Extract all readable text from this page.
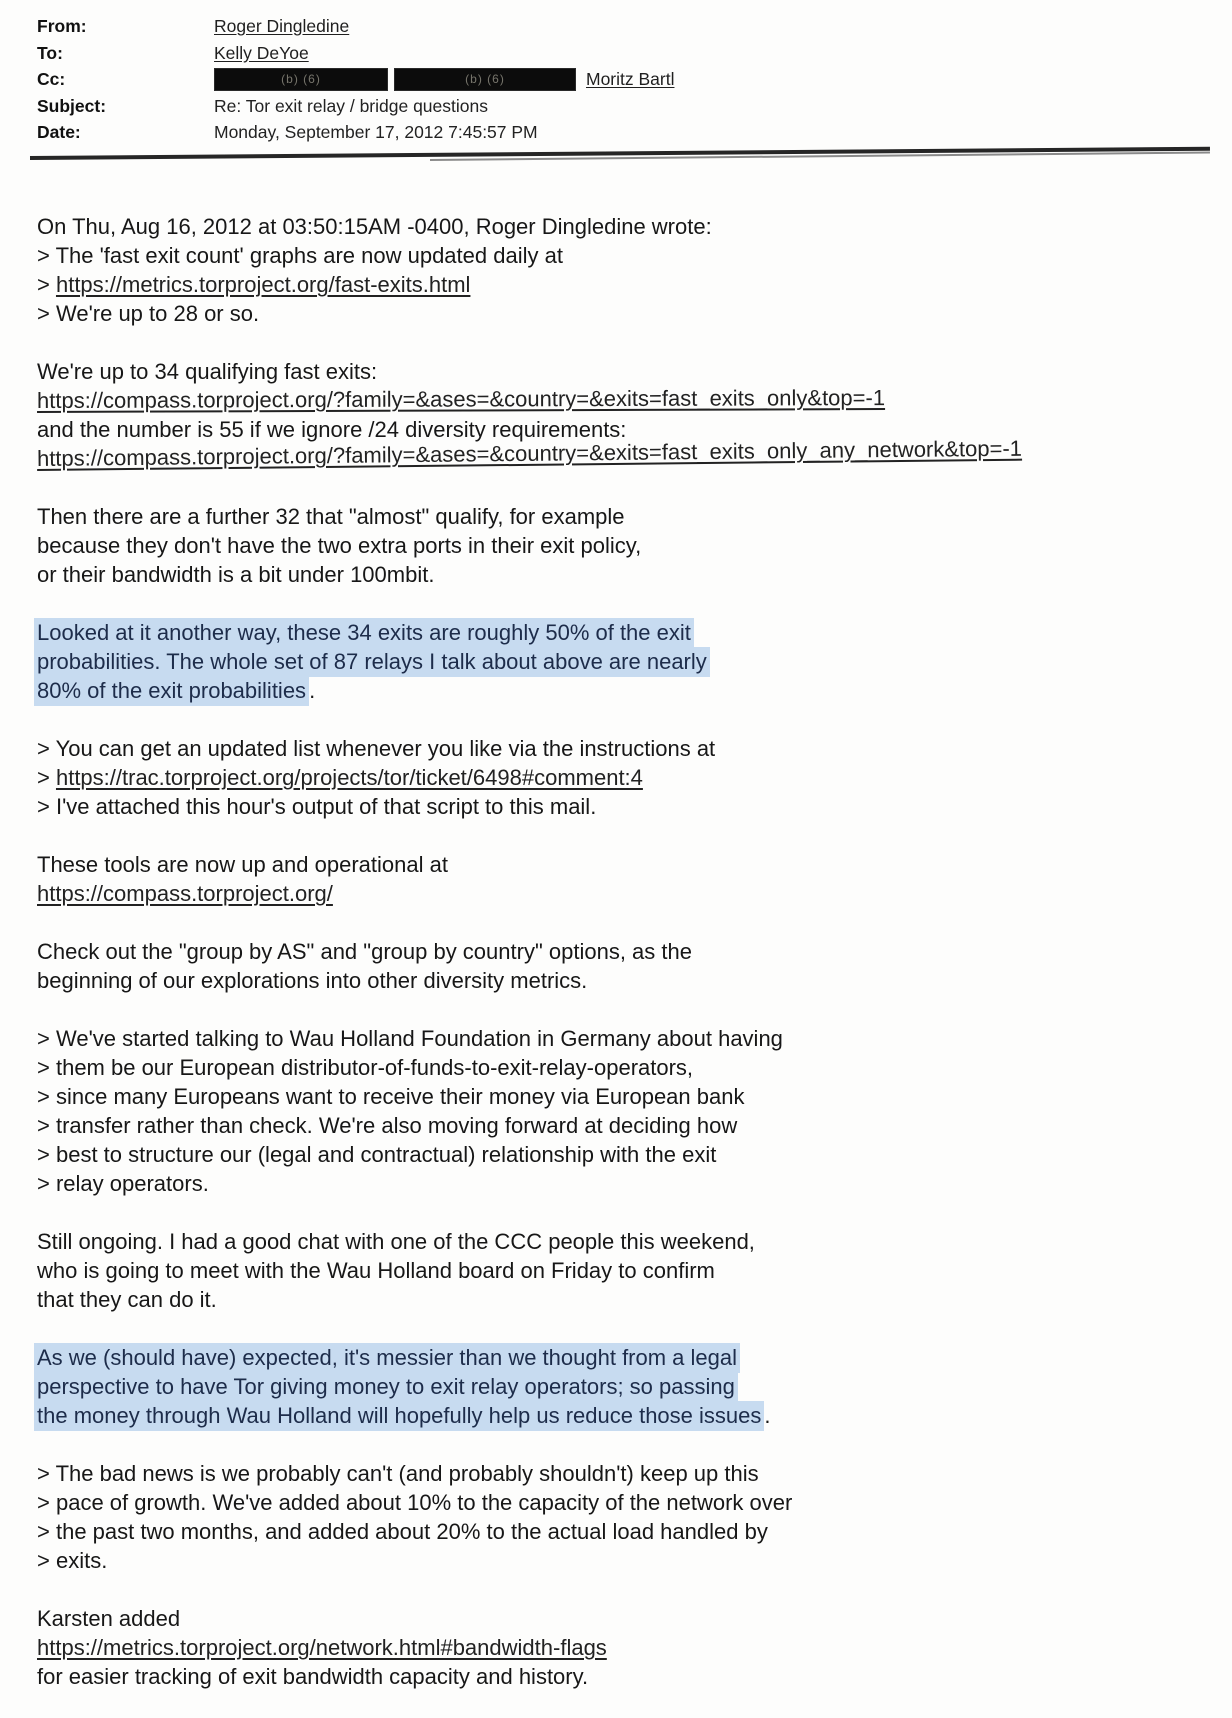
From:	Roger Dingledine
To:	Kelly DeYoe
Cc:	(b) (6)	(b) (6)	Moritz Bartl
Subject:	Re: Tor exit relay / bridge questions
Date:	Monday, September 17, 2012 7:45:57 PM
On Thu, Aug 16, 2012 at 03:50:15AM -0400, Roger Dingledine wrote:
> The 'fast exit count' graphs are now updated daily at
> https://metrics.torproject.org/fast-exits.html
> We're up to 28 or so.
We're up to 34 qualifying fast exits:
https://compass.torproject.org/?family=&ases=&country=&exits=fast_exits_only&top=-1
and the number is 55 if we ignore /24 diversity requirements:
https://compass.torproject.org/?family=&ases=&country=&exits=fast_exits_only_any_network&top=-1
Then there are a further 32 that "almost" qualify, for example
because they don't have the two extra ports in their exit policy,
or their bandwidth is a bit under 100mbit.
Looked at it another way, these 34 exits are roughly 50% of the exit
probabilities. The whole set of 87 relays I talk about above are nearly
80% of the exit probabilities .
> You can get an updated list whenever you like via the instructions at
> https://trac.torproject.org/projects/tor/ticket/6498#comment:4
> I've attached this hour's output of that script to this mail.
These tools are now up and operational at
https://compass.torproject.org/
Check out the "group by AS" and "group by country" options, as the
beginning of our explorations into other diversity metrics.
> We've started talking to Wau Holland Foundation in Germany about having
> them be our European distributor-of-funds-to-exit-relay-operators,
> since many Europeans want to receive their money via European bank
> transfer rather than check. We're also moving forward at deciding how
> best to structure our (legal and contractual) relationship with the exit
> relay operators.
Still ongoing. I had a good chat with one of the CCC people this weekend,
who is going to meet with the Wau Holland board on Friday to confirm
that they can do it.
As we (should have) expected, it's messier than we thought from a legal
perspective to have Tor giving money to exit relay operators; so passing
the money through Wau Holland will hopefully help us reduce those issues .
> The bad news is we probably can't (and probably shouldn't) keep up this
> pace of growth. We've added about 10% to the capacity of the network over
> the past two months, and added about 20% to the actual load handled by
> exits.
Karsten added
https://metrics.torproject.org/network.html#bandwidth-flags
for easier tracking of exit bandwidth capacity and history.
